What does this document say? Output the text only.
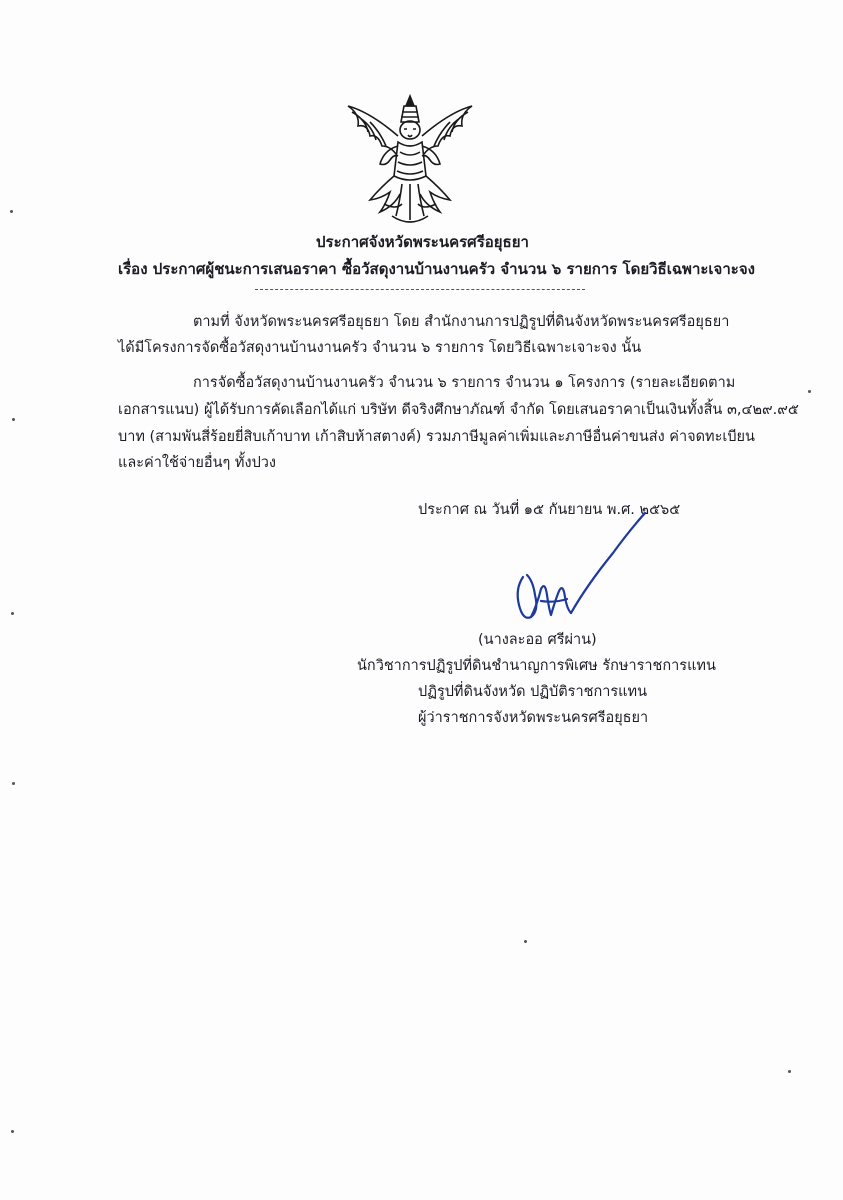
ประกาศจังหวัดพระนครศรีอยุธยา
เรื่อง ประกาศผู้ชนะการเสนอราคา ซื้อวัสดุงานบ้านงานครัว จำนวน ๖ รายการ โดยวิธีเฉพาะเจาะจง
ตามที่ จังหวัดพระนครศรีอยุธยา โดย สำนักงานการปฏิรูปที่ดินจังหวัดพระนครศรีอยุธยา
ได้มีโครงการจัดซื้อวัสดุงานบ้านงานครัว จำนวน ๖ รายการ โดยวิธีเฉพาะเจาะจง นั้น
การจัดซื้อวัสดุงานบ้านงานครัว จำนวน ๖ รายการ จำนวน ๑ โครงการ (รายละเอียดตาม
เอกสารแนบ) ผู้ได้รับการคัดเลือกได้แก่ บริษัท ดีจริงศึกษาภัณฑ์ จำกัด โดยเสนอราคาเป็นเงินทั้งสิ้น ๓,๔๒๙.๙๕
บาท (สามพันสี่ร้อยยี่สิบเก้าบาท เก้าสิบห้าสตางค์) รวมภาษีมูลค่าเพิ่มและภาษีอื่นค่าขนส่ง ค่าจดทะเบียน
และค่าใช้จ่ายอื่นๆ ทั้งปวง
ประกาศ ณ วันที่ ๑๕ กันยายน พ.ศ. ๒๕๖๕
(นางละออ ศรีผ่าน)
นักวิชาการปฏิรูปที่ดินชำนาญการพิเศษ รักษาราชการแทน
ปฏิรูปที่ดินจังหวัด ปฏิบัติราชการแทน
ผู้ว่าราชการจังหวัดพระนครศรีอยุธยา
